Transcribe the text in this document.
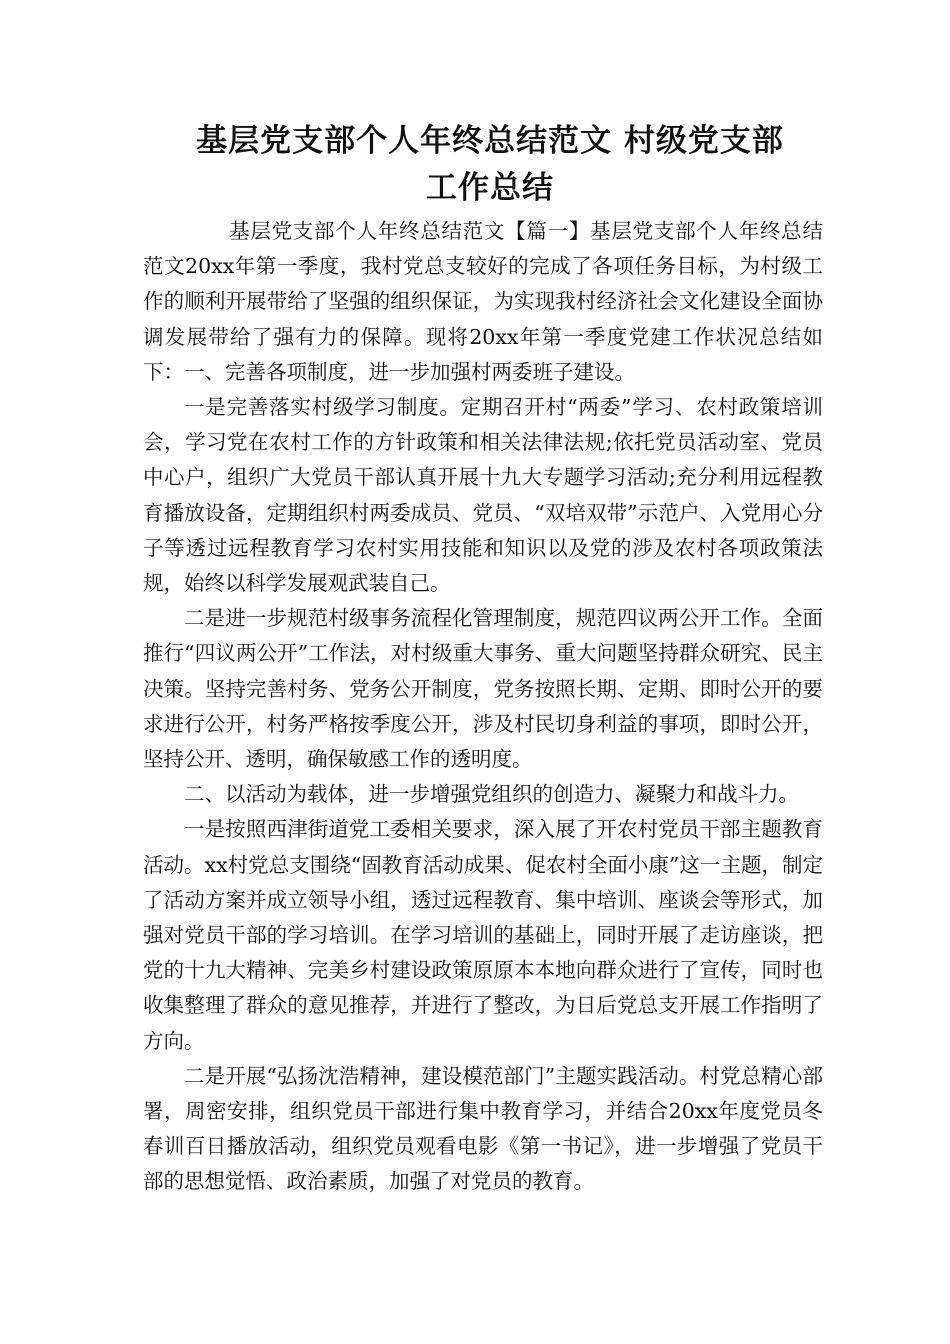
基层党支部个人年终总结范文 村级党支部
工作总结

基层党支部个人年终总结范文【篇一】基层党支部个人年终总结范文20xx年第一季度，我村党总支较好的完成了各项任务目标，为村级工作的顺利开展带给了坚强的组织保证，为实现我村经济社会文化建设全面协调发展带给了强有力的保障。现将20xx年第一季度党建工作状况总结如下：一、完善各项制度，进一步加强村两委班子建设。

一是完善落实村级学习制度。定期召开村“两委”学习、农村政策培训会，学习党在农村工作的方针政策和相关法律法规;依托党员活动室、党员中心户，组织广大党员干部认真开展十九大专题学习活动;充分利用远程教育播放设备，定期组织村两委成员、党员、“双培双带”示范户、入党用心分子等透过远程教育学习农村实用技能和知识以及党的涉及农村各项政策法规，始终以科学发展观武装自己。

二是进一步规范村级事务流程化管理制度，规范四议两公开工作。全面推行“四议两公开”工作法，对村级重大事务、重大问题坚持群众研究、民主决策。坚持完善村务、党务公开制度，党务按照长期、定期、即时公开的要求进行公开，村务严格按季度公开，涉及村民切身利益的事项，即时公开，坚持公开、透明，确保敏感工作的透明度。

二、以活动为载体，进一步增强党组织的创造力、凝聚力和战斗力。

一是按照西津街道党工委相关要求，深入展了开农村党员干部主题教育活动。xx村党总支围绕“固教育活动成果、促农村全面小康”这一主题，制定了活动方案并成立领导小组，透过远程教育、集中培训、座谈会等形式，加强对党员干部的学习培训。在学习培训的基础上，同时开展了走访座谈，把党的十九大精神、完美乡村建设政策原原本本地向群众进行了宣传，同时也收集整理了群众的意见推荐，并进行了整改，为日后党总支开展工作指明了方向。

二是开展“弘扬沈浩精神，建设模范部门”主题实践活动。村党总精心部署，周密安排，组织党员干部进行集中教育学习，并结合20xx年度党员冬春训百日播放活动，组织党员观看电影《第一书记》，进一步增强了党员干部的思想觉悟、政治素质，加强了对党员的教育。
